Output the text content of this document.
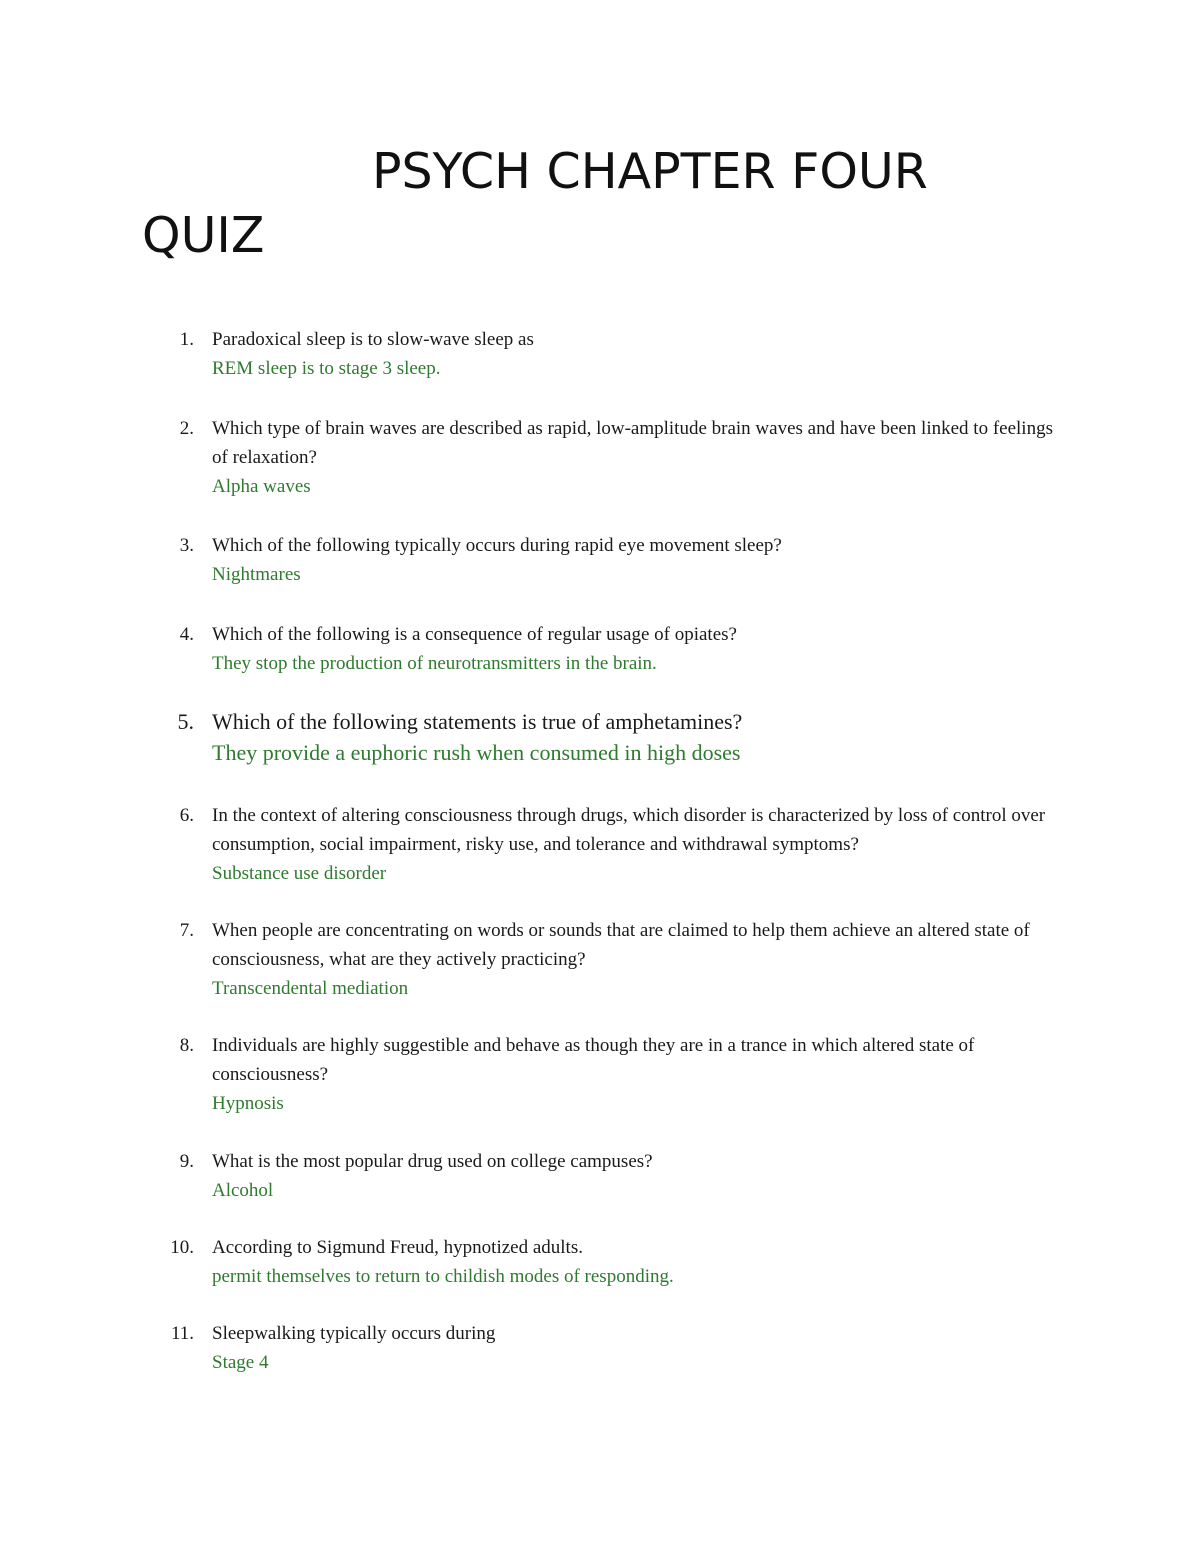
PSYCH CHAPTER FOUR QUIZ
1. Paradoxical sleep is to slow-wave sleep as
REM sleep is to stage 3 sleep.
2. Which type of brain waves are described as rapid, low-amplitude brain waves and have been linked to feelings of relaxation?
Alpha waves
3. Which of the following typically occurs during rapid eye movement sleep?
Nightmares
4. Which of the following is a consequence of regular usage of opiates?
They stop the production of neurotransmitters in the brain.
5. Which of the following statements is true of amphetamines?
They provide a euphoric rush when consumed in high doses
6. In the context of altering consciousness through drugs, which disorder is characterized by loss of control over consumption, social impairment, risky use, and tolerance and withdrawal symptoms?
Substance use disorder
7. When people are concentrating on words or sounds that are claimed to help them achieve an altered state of consciousness, what are they actively practicing?
Transcendental mediation
8. Individuals are highly suggestible and behave as though they are in a trance in which altered state of consciousness?
Hypnosis
9. What is the most popular drug used on college campuses?
Alcohol
10. According to Sigmund Freud, hypnotized adults.
permit themselves to return to childish modes of responding.
11. Sleepwalking typically occurs during
Stage 4
